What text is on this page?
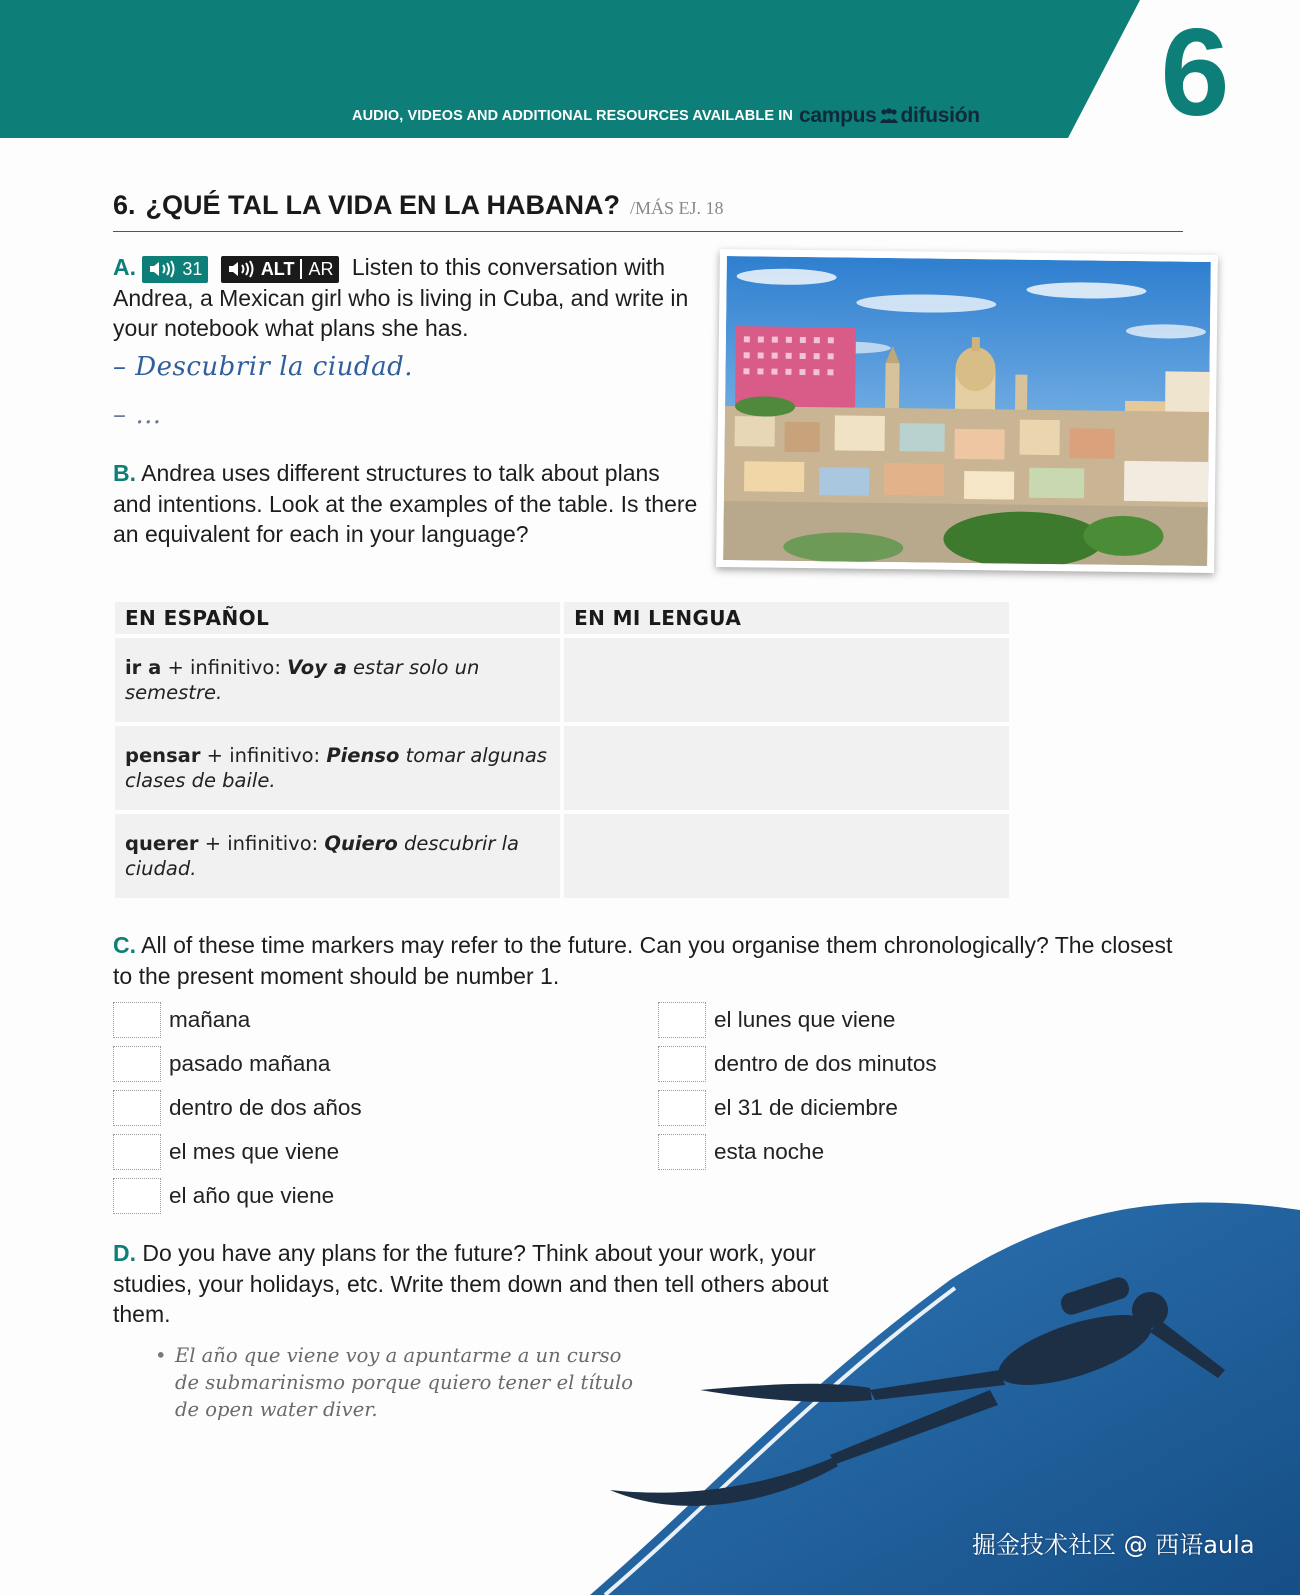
AUDIO, VIDEOS AND ADDITIONAL RESOURCES AVAILABLE IN campus difusión 6
6. ¿QUÉ TAL LA VIDA EN LA HABANA? /MÁS EJ. 18
A.	31
	ALT AR Listen to this conversation with Andrea, a Mexican girl who is living in Cuba, and write in your notebook what plans she has.
– Descubrir la ciudad.
– …
B. Andrea uses different structures to talk about plans and intentions. Look at the examples of the table. Is there an equivalent for each in your language?
EN ESPAÑOL	EN MI LENGUA
ir a + infinitivo: Voy a estar solo un semestre.	
pensar + infinitivo: Pienso tomar algunas clases de baile.	
querer + infinitivo: Quiero descubrir la ciudad.	
C. All of these time markers may refer to the future. Can you organise them chronologically? The closest to the present moment should be number 1.
mañana
pasado mañana
dentro de dos años
el mes que viene
el año que viene
el lunes que viene
dentro de dos minutos
el 31 de diciembre
esta noche
D. Do you have any plans for the future? Think about your work, your studies, your holidays, etc. Write them down and then tell others about them.
• El año que viene voy a apuntarme a un curso de submarinismo porque quiero tener el título de open water diver.
掘金技术社区 @ 西语aula
